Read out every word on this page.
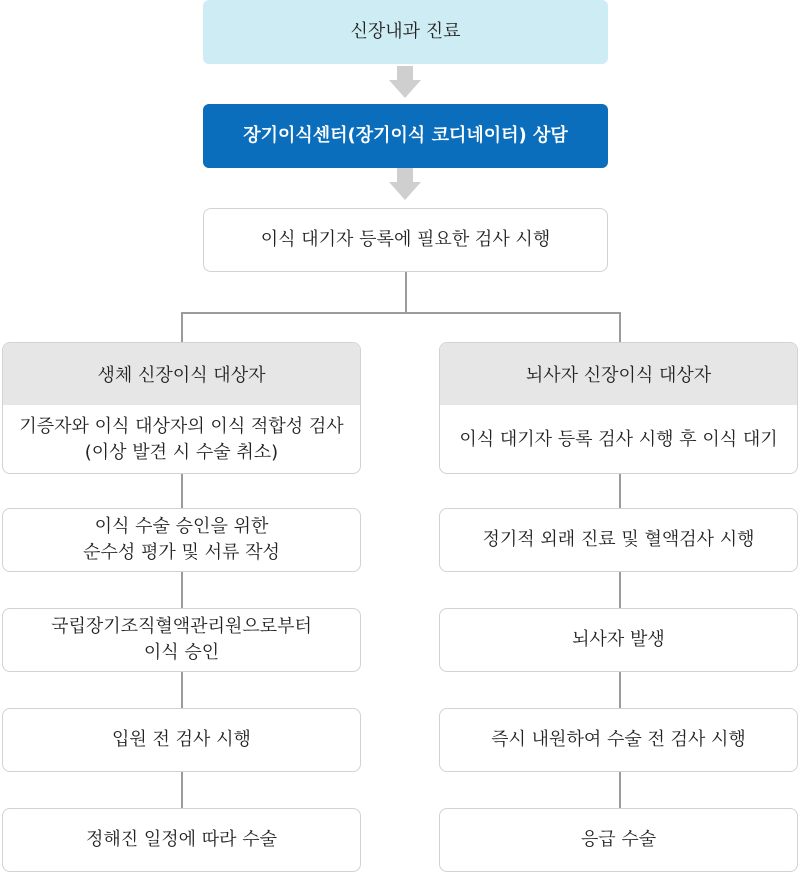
신장내과 진료
장기이식센터(장기이식 코디네이터) 상담
이식 대기자 등록에 필요한 검사 시행
생체 신장이식 대상자
기증자와 이식 대상자의 이식 적합성 검사
(이상 발견 시 수술 취소)
이식 수술 승인을 위한
순수성 평가 및 서류 작성
국립장기조직혈액관리원으로부터
이식 승인
입원 전 검사 시행
정해진 일정에 따라 수술
뇌사자 신장이식 대상자
이식 대기자 등록 검사 시행 후 이식 대기
정기적 외래 진료 및 혈액검사 시행
뇌사자 발생
즉시 내원하여 수술 전 검사 시행
응급 수술
